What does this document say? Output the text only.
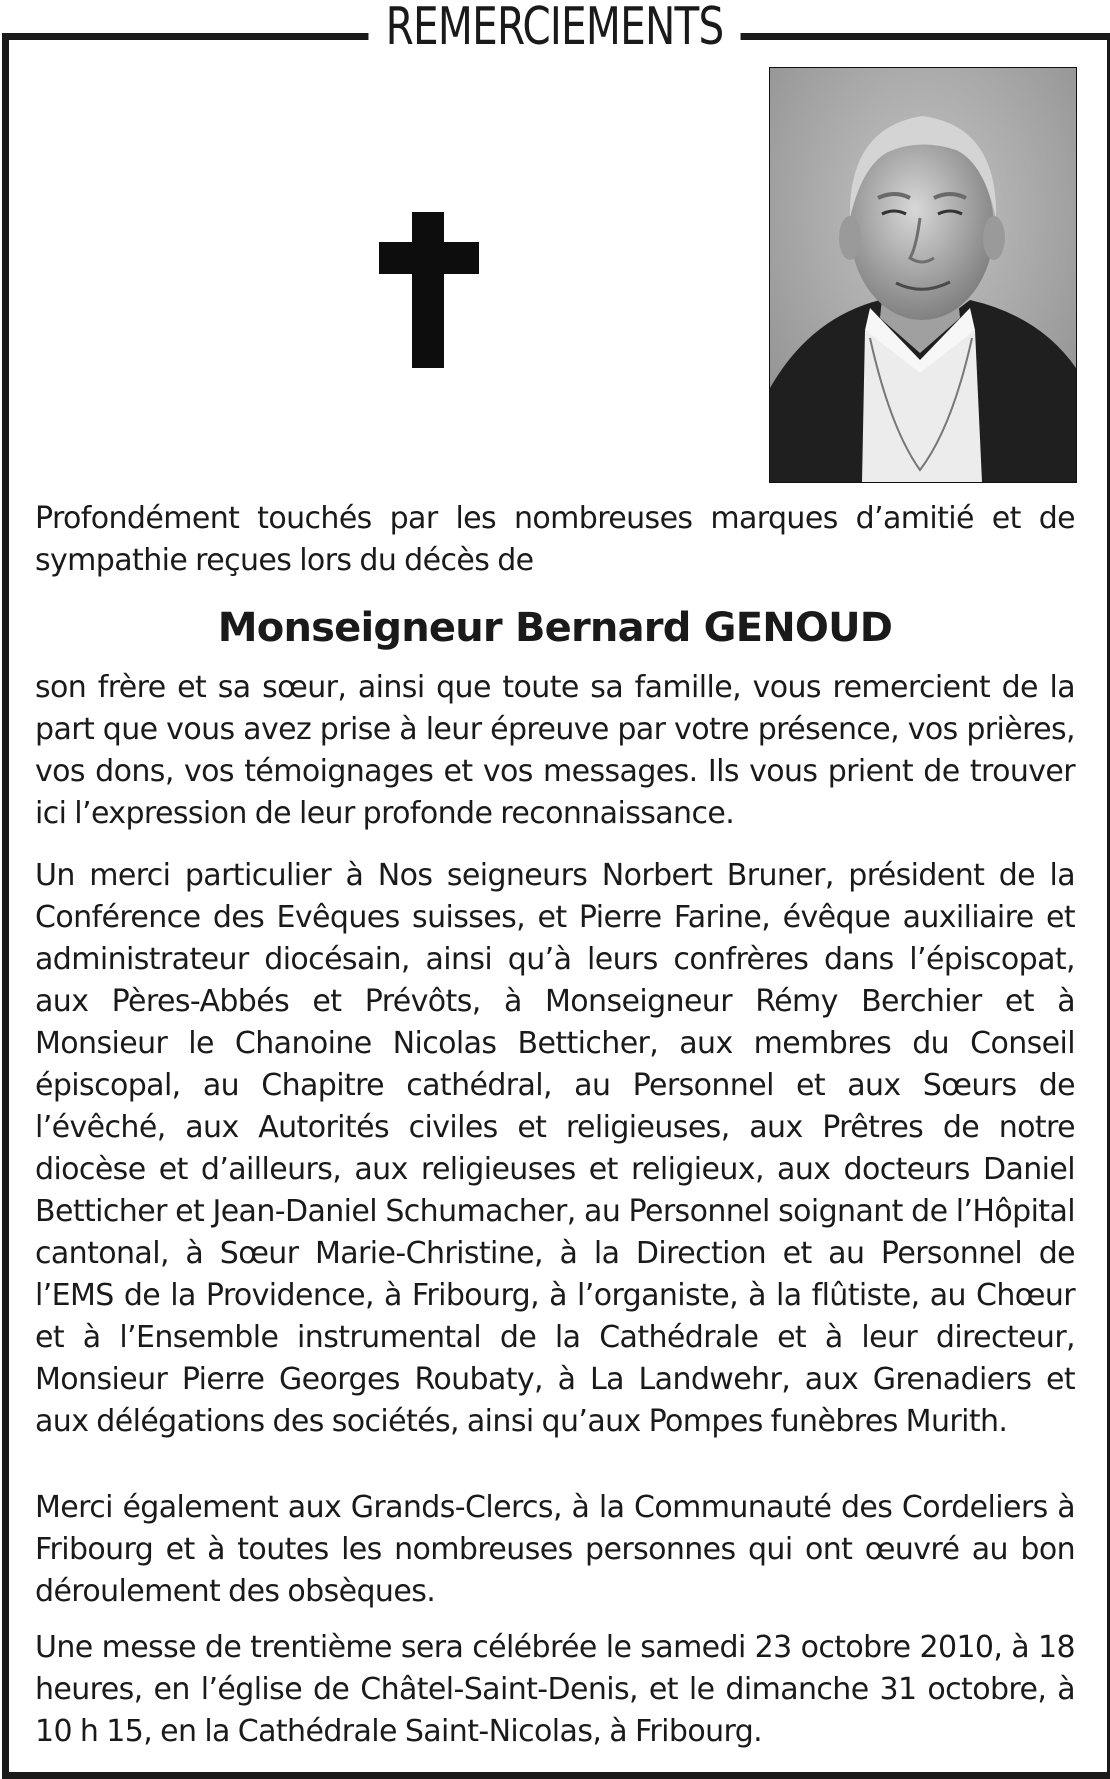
REMERCIEMENTS

Profondément touchés par les nombreuses marques d’amitié et de sympathie reçues lors du décès de

Monseigneur Bernard GENOUD

son frère et sa sœur, ainsi que toute sa famille, vous remercient de la part que vous avez prise à leur épreuve par votre présence, vos prières, vos dons, vos témoignages et vos messages. Ils vous prient de trouver ici l’expression de leur profonde reconnaissance.

Un merci particulier à Nos seigneurs Norbert Bruner, président de la Conférence des Evêques suisses, et Pierre Farine, évêque auxiliaire et administrateur diocésain, ainsi qu’à leurs confrères dans l’épiscopat, aux Pères-Abbés et Prévôts, à Monseigneur Rémy Berchier et à Monsieur le Chanoine Nicolas Betticher, aux membres du Conseil épiscopal, au Chapitre cathédral, au Personnel et aux Sœurs de l’évêché, aux Autorités civiles et religieuses, aux Prêtres de notre diocèse et d’ailleurs, aux religieuses et religieux, aux docteurs Daniel Betticher et Jean-Daniel Schumacher, au Personnel soignant de l’Hôpital cantonal, à Sœur Marie-Christine, à la Direction et au Personnel de l’EMS de la Providence, à Fribourg, à l’organiste, à la flûtiste, au Chœur et à l’Ensemble instrumental de la Cathédrale et à leur directeur, Monsieur Pierre Georges Roubaty, à La Landwehr, aux Grenadiers et aux délégations des sociétés, ainsi qu’aux Pompes funèbres Murith.

Merci également aux Grands-Clercs, à la Communauté des Cordeliers à Fribourg et à toutes les nombreuses personnes qui ont œuvré au bon déroulement des obsèques.

Une messe de trentième sera célébrée le samedi 23 octobre 2010, à 18 heures, en l’église de Châtel-Saint-Denis, et le dimanche 31 octobre, à 10 h 15, en la Cathédrale Saint-Nicolas, à Fribourg.
